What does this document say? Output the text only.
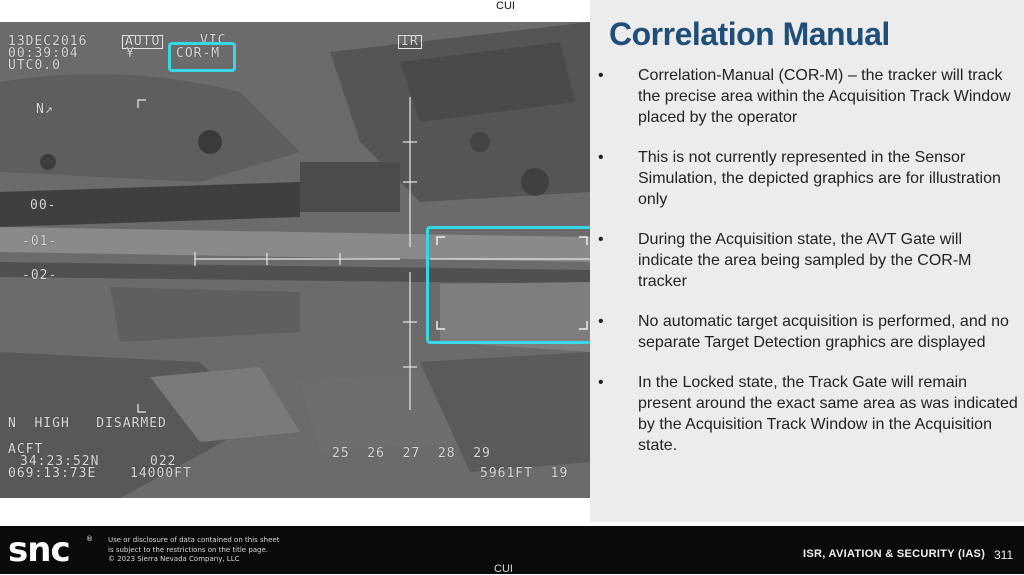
CUI
13DEC2016
00:39:04
UTC0.0
AUTO
¥
VIC
COR-M
IR
N↗
00-
-01-
-02-
N  HIGH   DISARMED
ACFT
34:23:52N
069:13:73E
022
14000FT
25  26  27  28  29
5961FT  19
Correlation Manual
• Correlation-Manual (COR-M) – the tracker will track the precise area within the Acquisition Track Window placed by the operator
• This is not currently represented in the Sensor Simulation, the depicted graphics are for illustration only
• During the Acquisition state, the AVT Gate will indicate the area being sampled by the COR-M tracker
• No automatic target acquisition is performed, and no separate Target Detection graphics are displayed
• In the Locked state, the Track Gate will remain present around the exact same area as was indicated by the Acquisition Track Window in the Acquisition state.
snc ® Use or disclosure of data contained on this sheet
is subject to the restrictions on the title page.
© 2023 Sierra Nevada Company, LLC	ISR, AVIATION & SECURITY (IAS) 311
CUI
